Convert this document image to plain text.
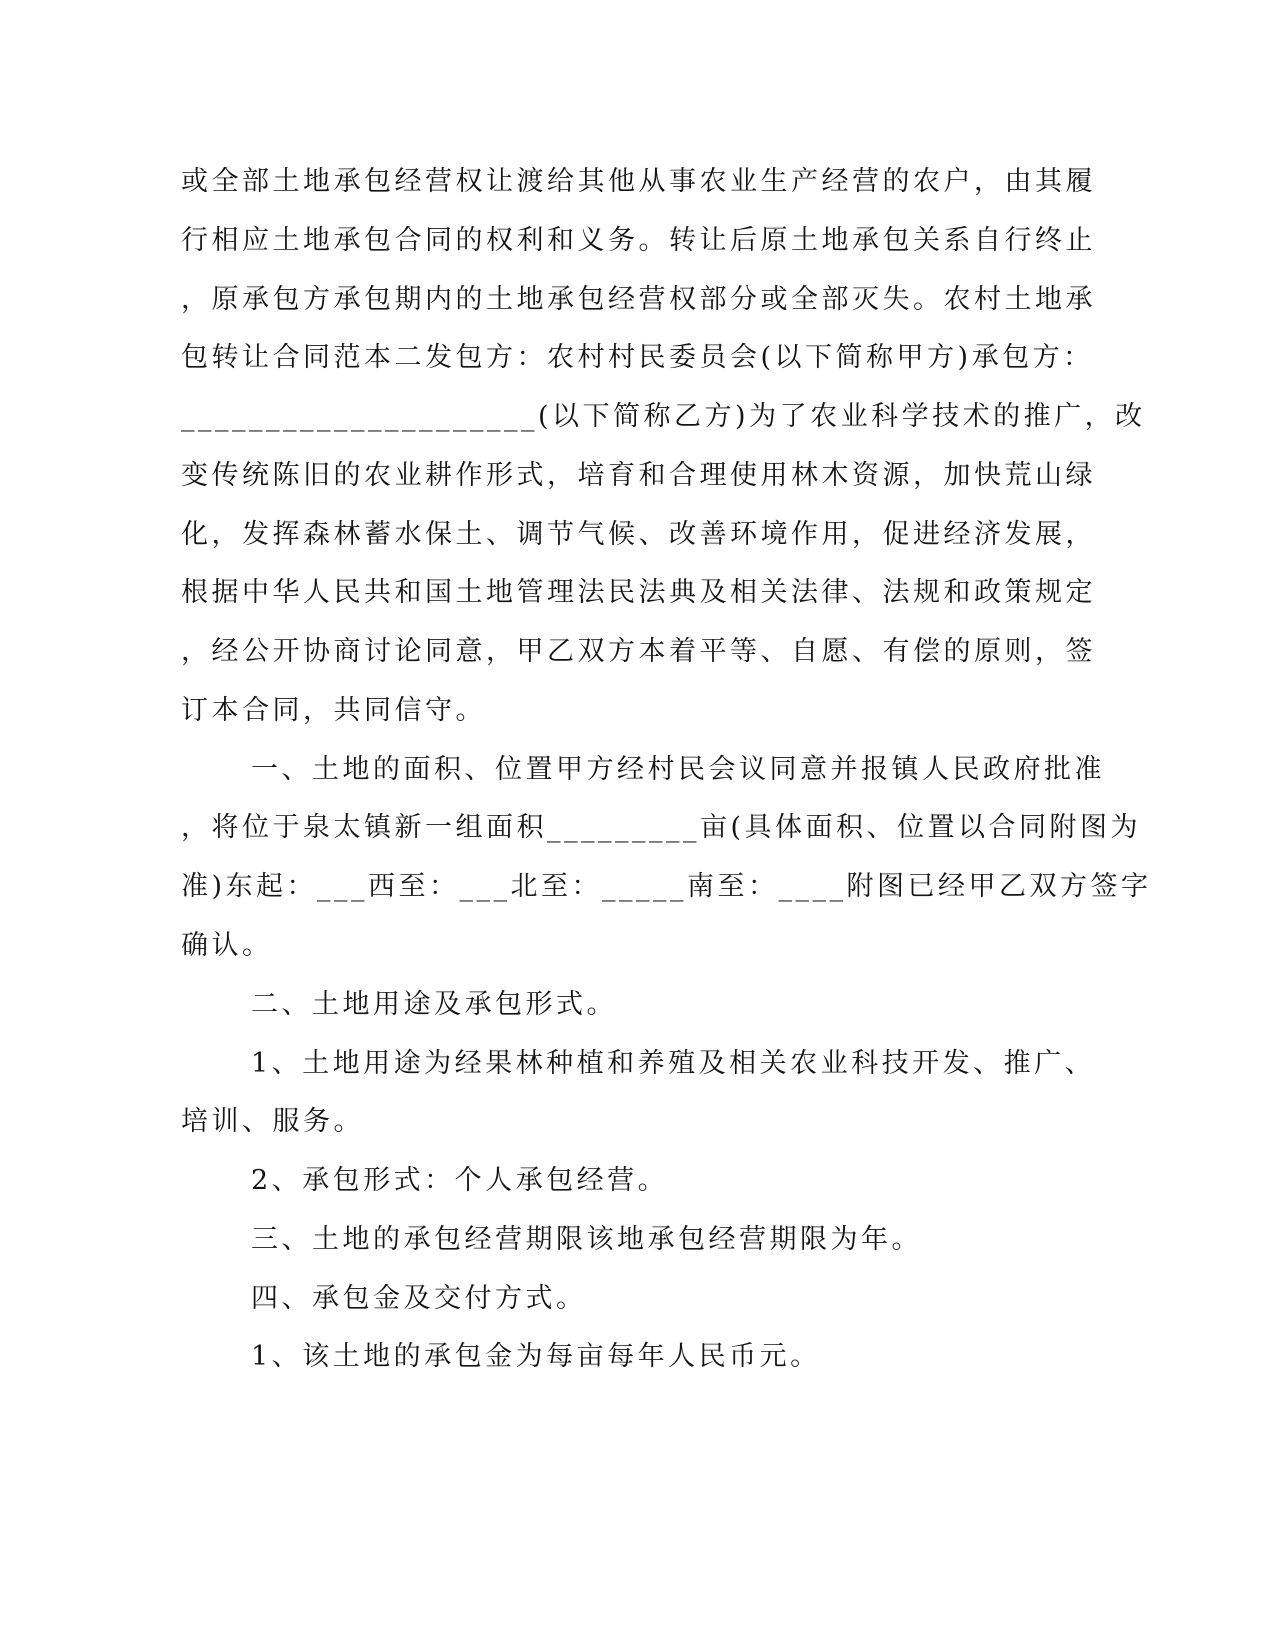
或全部土地承包经营权让渡给其他从事农业生产经营的农户，由其履
行相应土地承包合同的权利和义务。转让后原土地承包关系自行终止
，原承包方承包期内的土地承包经营权部分或全部灭失。农村土地承
包转让合同范本二发包方：农村村民委员会(以下简称甲方)承包方：
_____________________(以下简称乙方)为了农业科学技术的推广，改
变传统陈旧的农业耕作形式，培育和合理使用林木资源，加快荒山绿
化，发挥森林蓄水保土、调节气候、改善环境作用，促进经济发展，
根据中华人民共和国土地管理法民法典及相关法律、法规和政策规定
，经公开协商讨论同意，甲乙双方本着平等、自愿、有偿的原则，签
订本合同，共同信守。
一、土地的面积、位置甲方经村民会议同意并报镇人民政府批准
，将位于泉太镇新一组面积_________亩(具体面积、位置以合同附图为
准)东起：___西至：___北至：_____南至：____附图已经甲乙双方签字
确认。
二、土地用途及承包形式。
1、土地用途为经果林种植和养殖及相关农业科技开发、推广、
培训、服务。
2、承包形式：个人承包经营。
三、土地的承包经营期限该地承包经营期限为年。
四、承包金及交付方式。
1、该土地的承包金为每亩每年人民币元。
